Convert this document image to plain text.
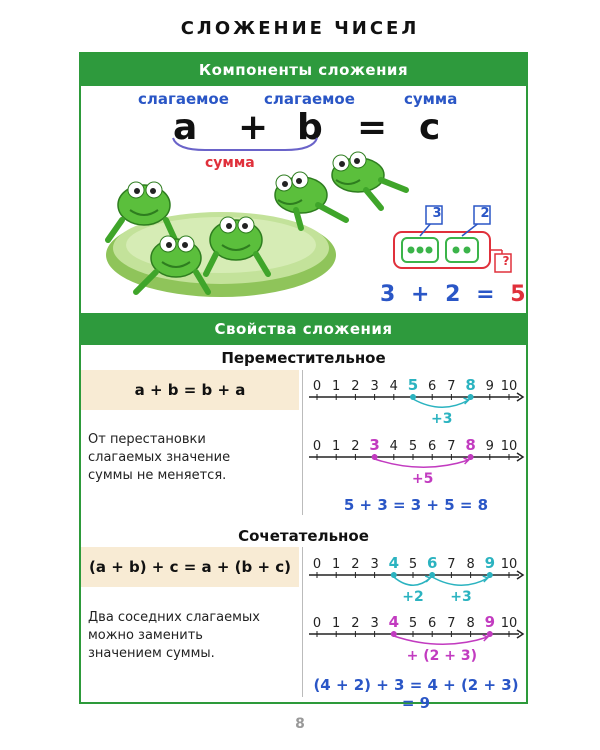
СЛОЖЕНИЕ ЧИСЕЛ
Компоненты сложения
слагаемое слагаемое	сумма
a + b = c
сумма
3	2
?
3 + 2 = 5
Свойства сложения
Переместительное
a + b = b + a
От перестановки
слагаемых значение
суммы не меняется.
0 1 2 3 4 5 6 7 8 9 10
+3
0 1 2 3 4 5 6 7 8 9 10
+5
5 + 3 = 3 + 5 = 8
Сочетательное
(a + b) + c = a + (b + c)
Два соседних слагаемых
можно заменить
значением суммы.
0 1 2 3 4 5 6 7 8 9 10
+2 +3
0 1 2 3 4 5 6 7 8 9 10
+ (2 + 3)
(4 + 2) + 3 = 4 + (2 + 3) = 9
8
